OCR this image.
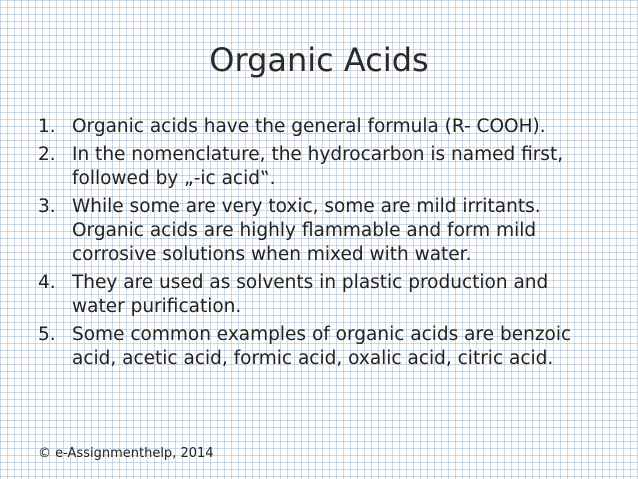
Organic Acids
1. Organic acids have the general formula (R- COOH).
2. In the nomenclature, the hydrocarbon is named first, followed by „-ic acid‟.
3. While some are very toxic, some are mild irritants. Organic acids are highly flammable and form mild corrosive solutions when mixed with water.
4. They are used as solvents in plastic production and water purification.
5. Some common examples of organic acids are benzoic acid, acetic acid, formic acid, oxalic acid, citric acid.
© e-Assignmenthelp, 2014
